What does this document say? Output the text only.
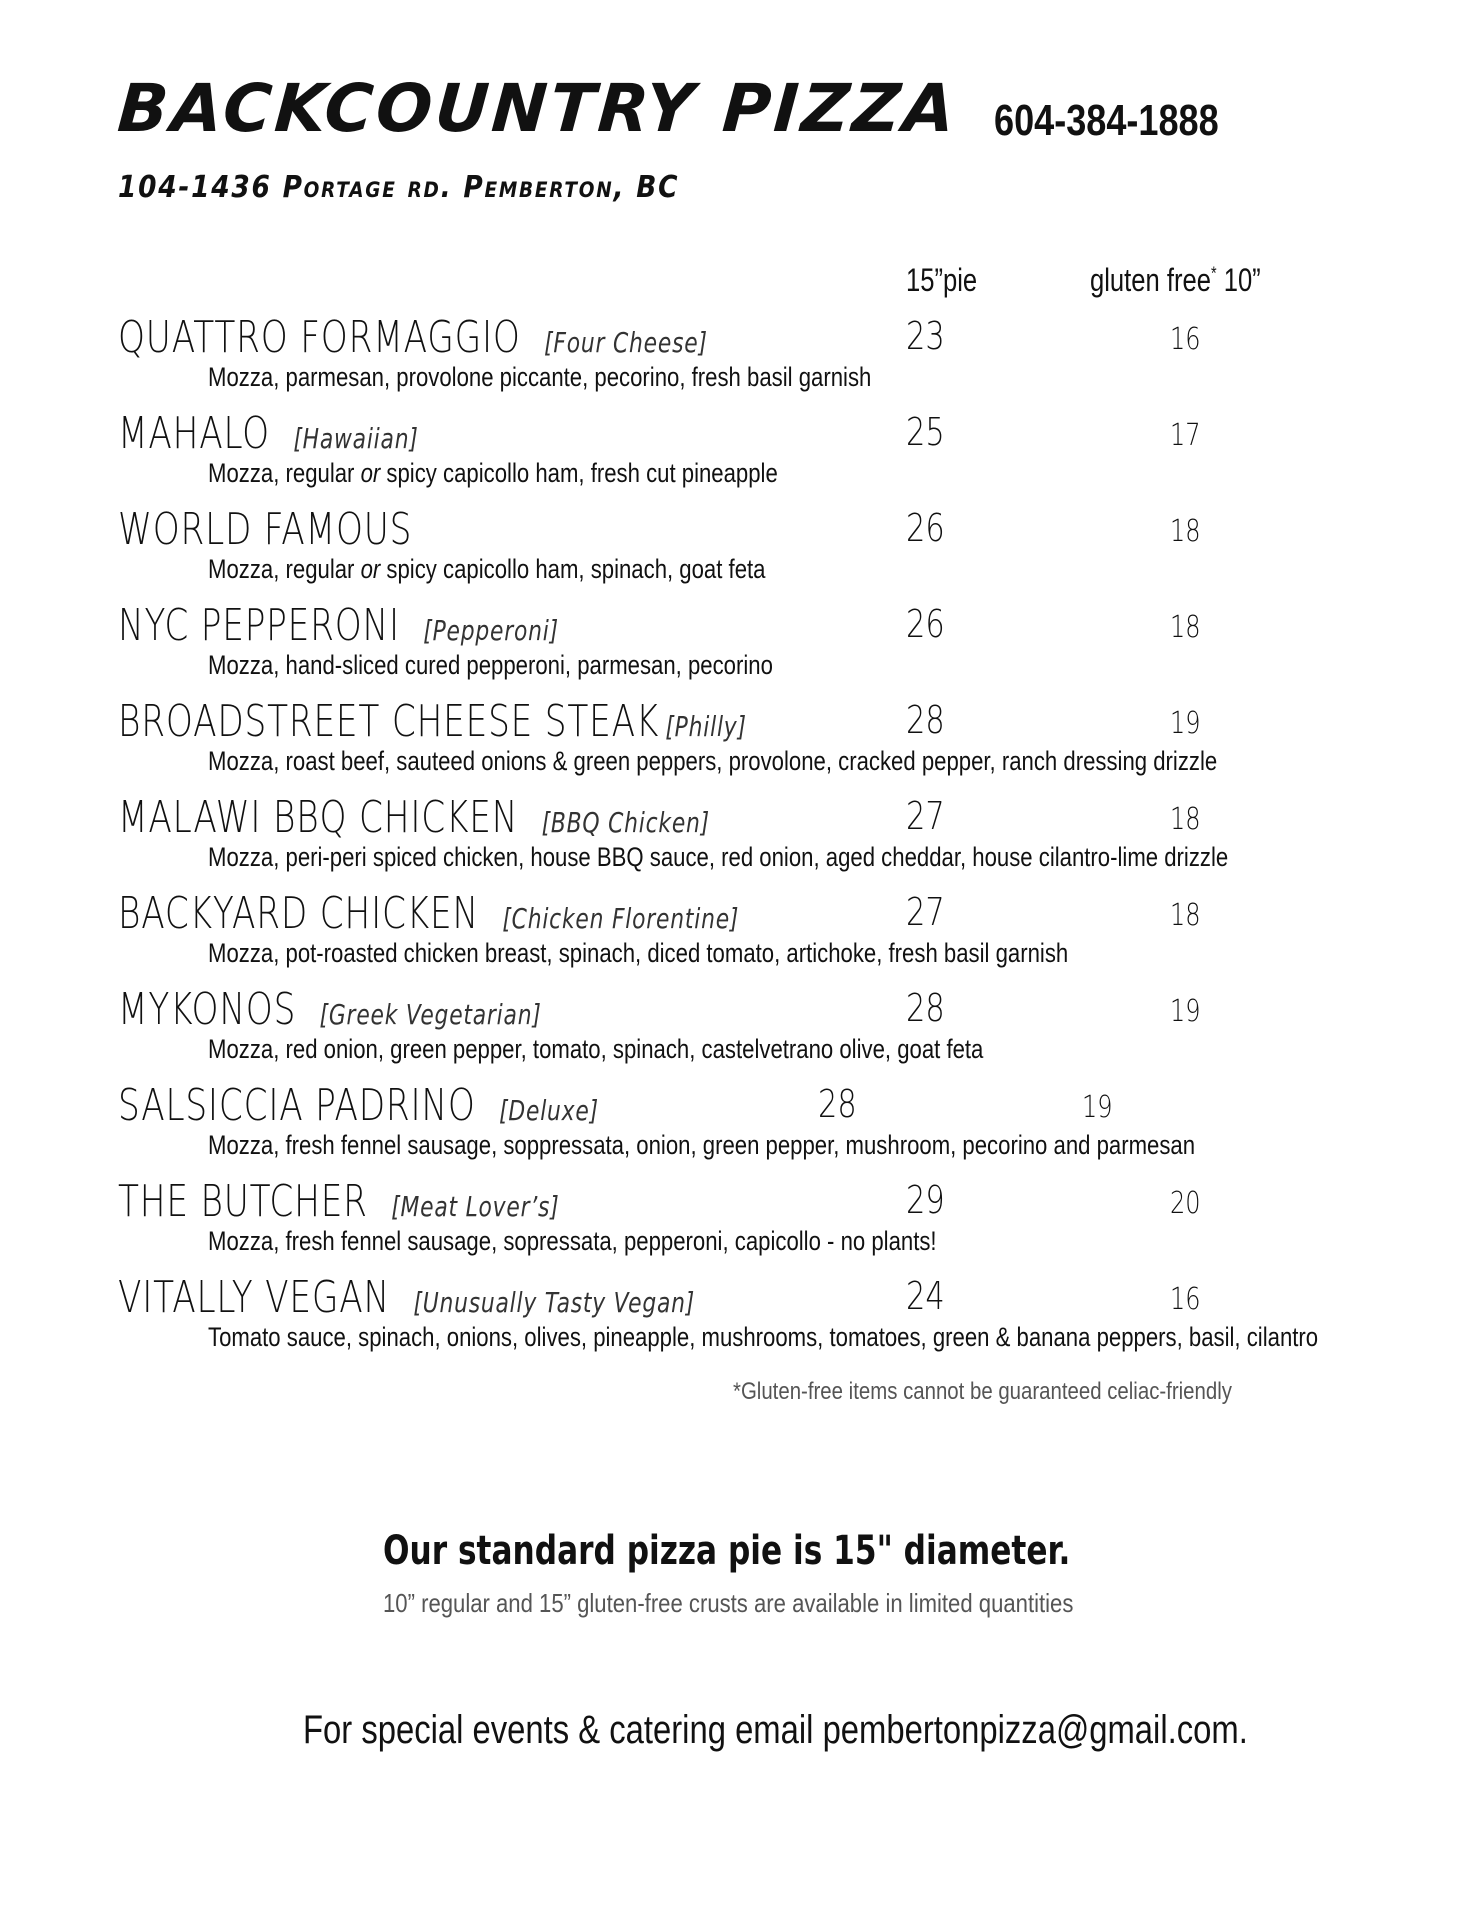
BACKCOUNTRY PIZZA 604-384-1888
104-1436 Portage rd. Pemberton, BC
15”pie	gluten free* 10”
QUATTRO FORMAGGIO [Four Cheese]
Mozza, parmesan, provolone piccante, pecorino, fresh basil garnish
23	16
MAHALO [Hawaiian]
Mozza, regular or spicy capicollo ham, fresh cut pineapple
25	17
WORLD FAMOUS
Mozza, regular or spicy capicollo ham, spinach, goat feta
26	18
NYC PEPPERONI [Pepperoni]
Mozza, hand-sliced cured pepperoni, parmesan, pecorino
26	18
BROADSTREET CHEESE STEAK [Philly]
Mozza, roast beef, sauteed onions & green peppers, provolone, cracked pepper, ranch dressing drizzle
28	19
MALAWI BBQ CHICKEN [BBQ Chicken]
Mozza, peri-peri spiced chicken, house BBQ sauce, red onion, aged cheddar, house cilantro-lime drizzle
27	18
BACKYARD CHICKEN [Chicken Florentine]
Mozza, pot-roasted chicken breast, spinach, diced tomato, artichoke, fresh basil garnish
27	18
MYKONOS [Greek Vegetarian]
Mozza, red onion, green pepper, tomato, spinach, castelvetrano olive, goat feta
28	19
SALSICCIA PADRINO [Deluxe]
Mozza, fresh fennel sausage, soppressata, onion, green pepper, mushroom, pecorino and parmesan
28	19
THE BUTCHER [Meat Lover’s]
Mozza, fresh fennel sausage, sopressata, pepperoni, capicollo - no plants!
29	20
VITALLY VEGAN [Unusually Tasty Vegan]
Tomato sauce, spinach, onions, olives, pineapple, mushrooms, tomatoes, green & banana peppers, basil, cilantro
24	16
*Gluten-free items cannot be guaranteed celiac-friendly
Our standard pizza pie is 15" diameter.
10” regular and 15” gluten-free crusts are available in limited quantities
For special events & catering email pembertonpizza@gmail.com.
